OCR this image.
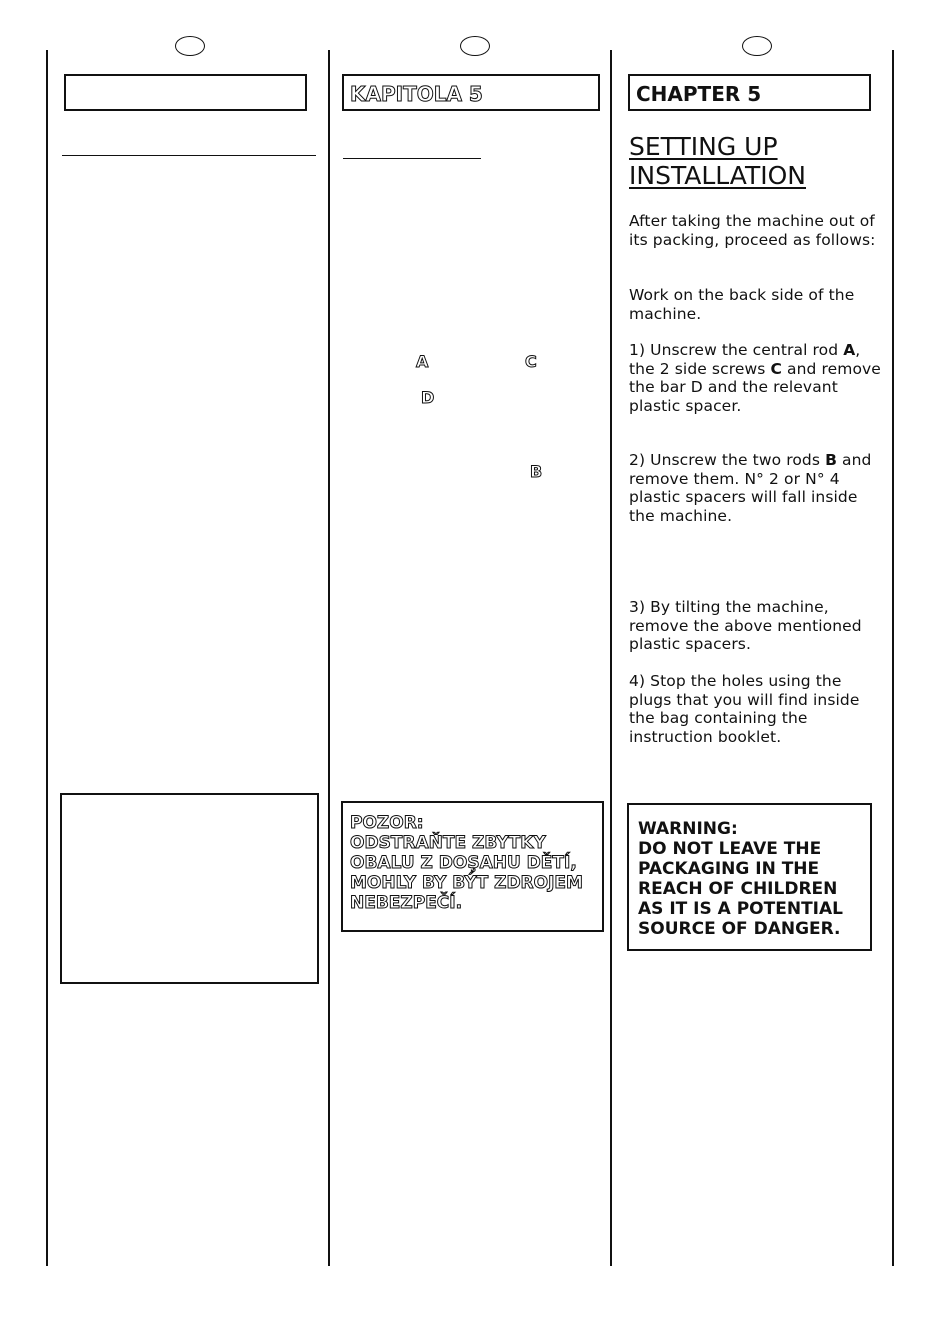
KAPITOLA 5	CHAPTER 5
A	C
D
B
SETTING UP
INSTALLATION
After taking the machine out of its packing, proceed as follows:
Work on the back side of the machine.
1) Unscrew the central rod A, the 2 side screws C and remove the bar D and the relevant plastic spacer.
2) Unscrew the two rods B and remove them. N° 2 or N° 4 plastic spacers will fall inside the machine.
3) By tilting the machine, remove the above mentioned plastic spacers.
4) Stop the holes using the plugs that you will find inside the bag containing the instruction booklet.
POZOR:
ODSTRAŇTE ZBYTKY
OBALU Z DOŞAHU DĚTÍ,
MOHLY BY BÝT ZDROJEM
NEBEZPEČÍ.
WARNING:
DO NOT LEAVE THE
PACKAGING IN THE
REACH OF CHILDREN
AS IT IS A POTENTIAL
SOURCE OF DANGER.
